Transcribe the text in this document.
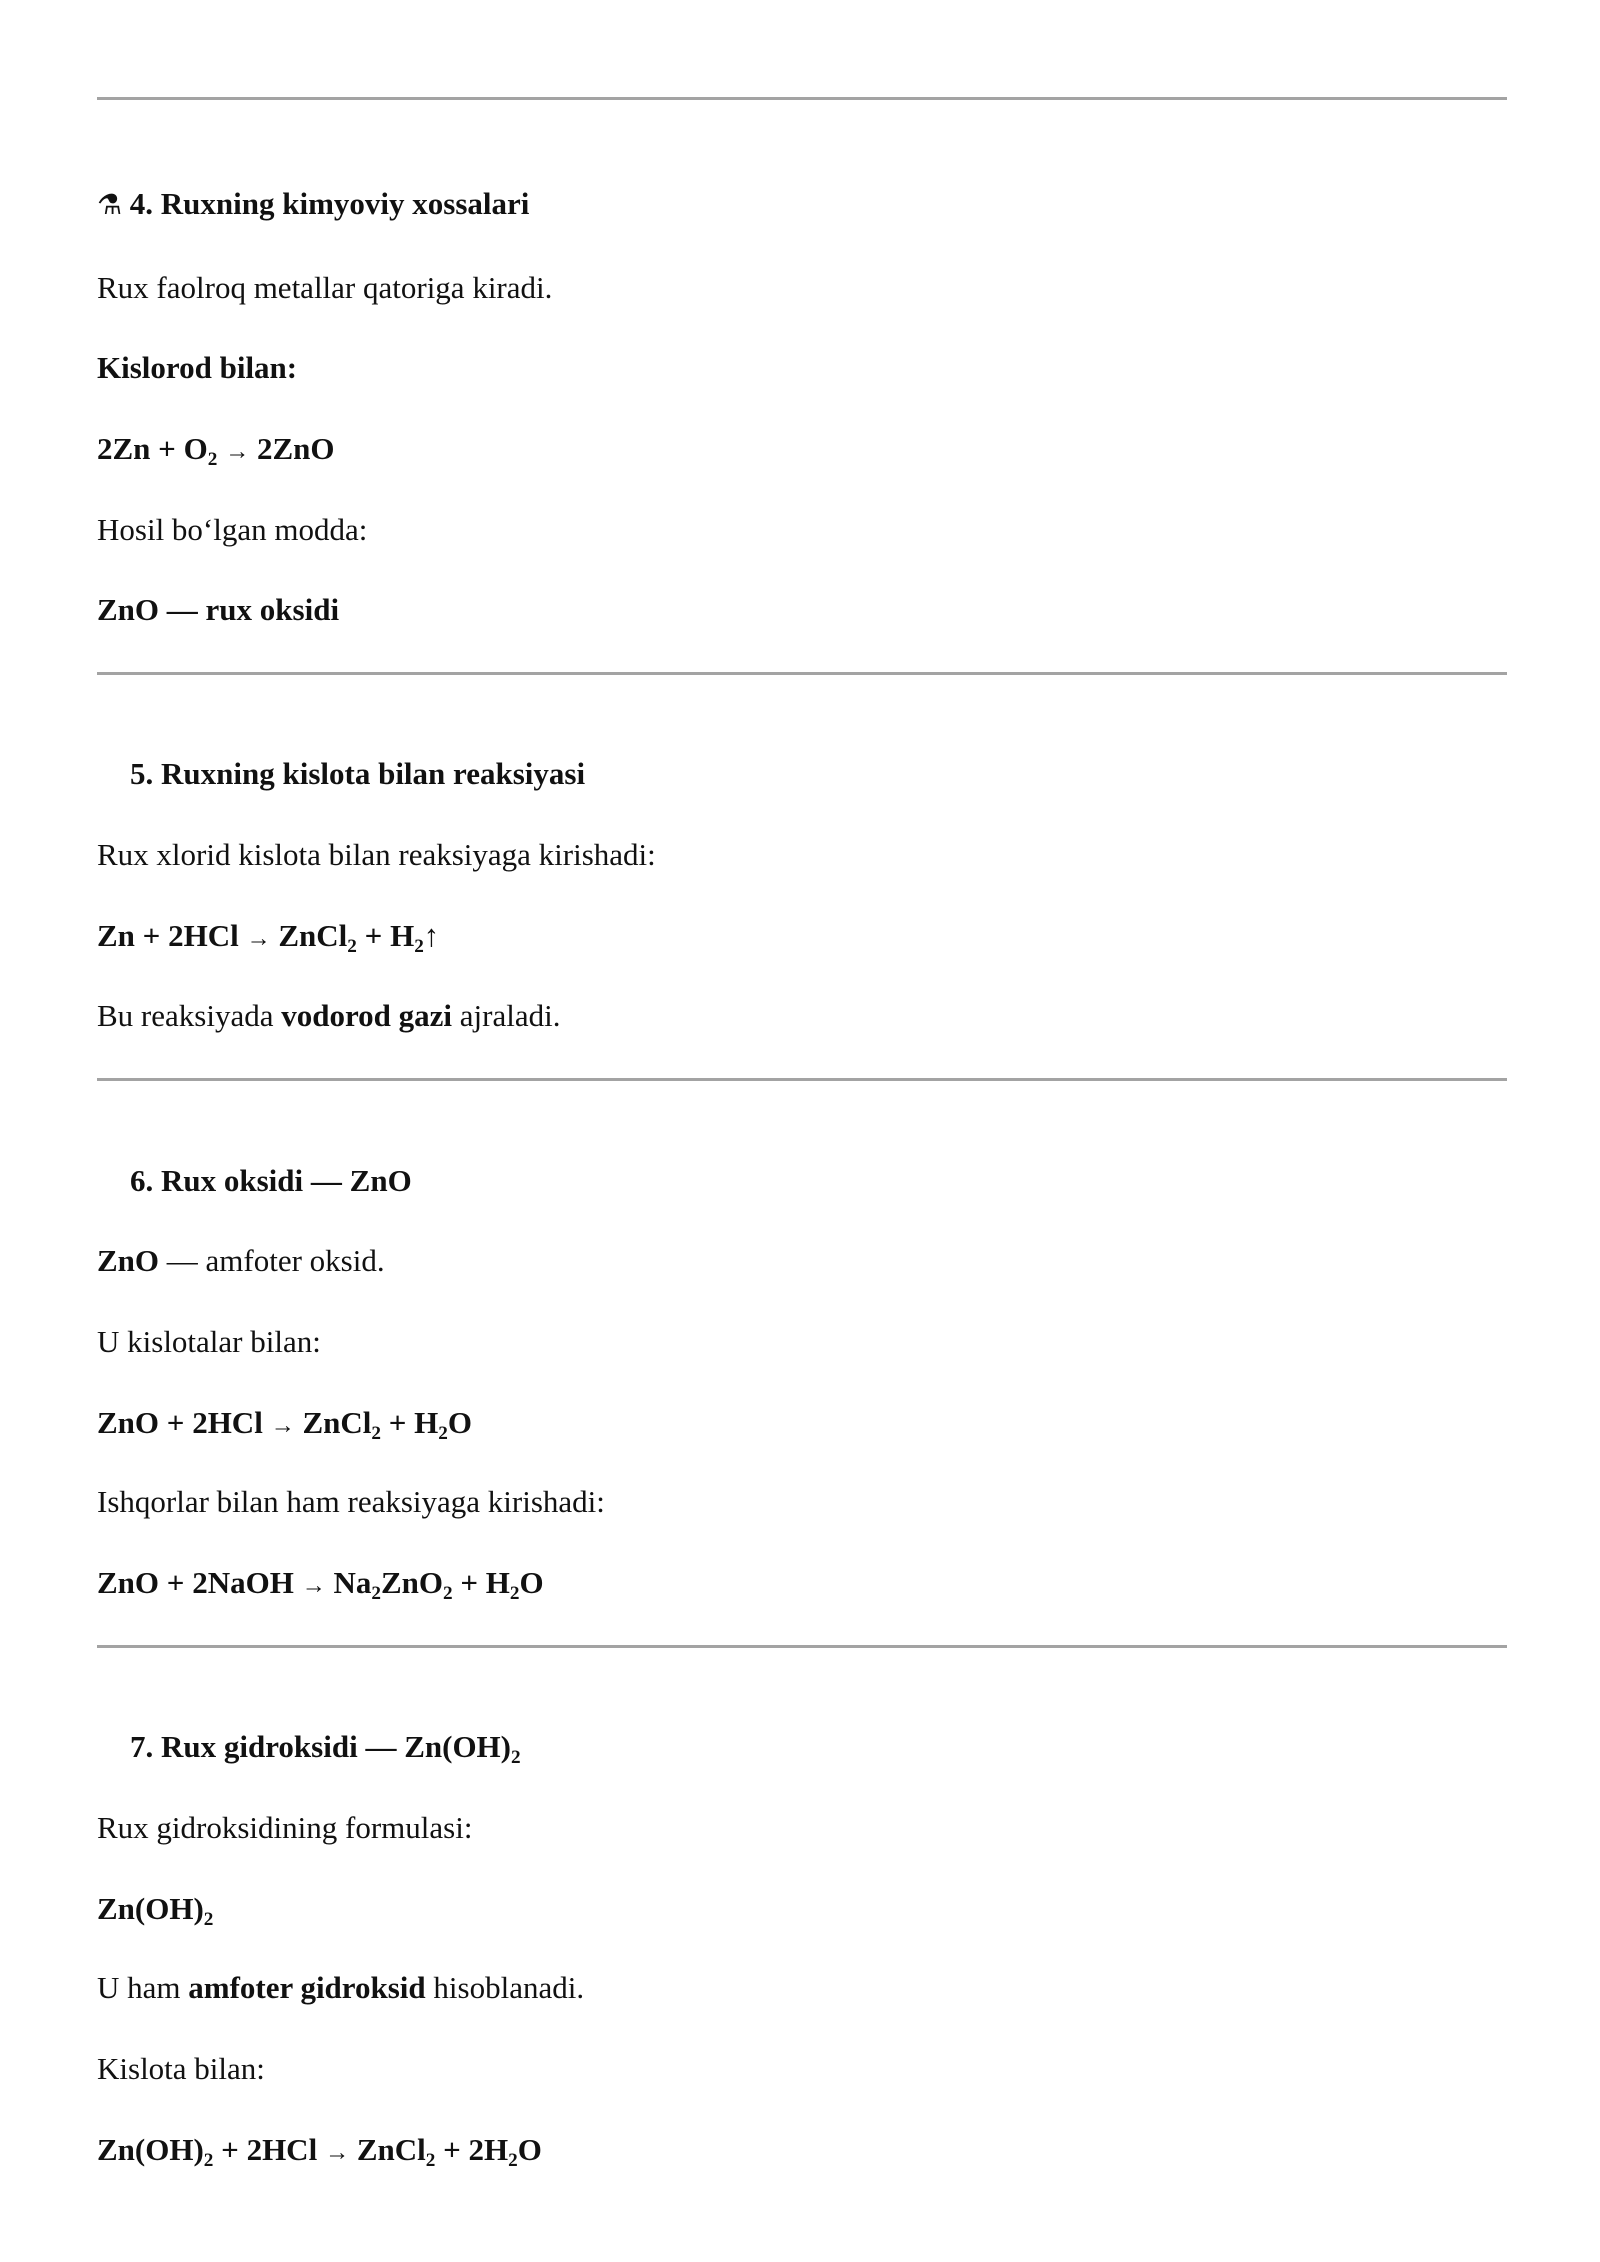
⚗ 4. Ruxning kimyoviy xossalari
Rux faolroq metallar qatoriga kiradi.
Kislorod bilan:
$2Zn + O_2 \to 2ZnO$
Hosil bo‘lgan modda:
ZnO — rux oksidi
5. Ruxning kislota bilan reaksiyasi
Rux xlorid kislota bilan reaksiyaga kirishadi:
Zn + 2HCl → ZnCl$_2$ + $H_2↑$
Bu reaksiyada vodorod gazi ajraladi.
6. Rux oksidi — ZnO
ZnO — amfoter oksid.
U kislotalar bilan:
ZnO + 2HCl → ZnCl$_2$ + $H_2O$
Ishqorlar bilan ham reaksiyaga kirishadi:
ZnO + 2NaOH → $Na_2ZnO_2 + H_2O$
7. Rux gidroksidi — $Zn(OH)_2$
Rux gidroksidining formulasi:
$Zn(OH)_2$
U ham amfoter gidroksid hisoblanadi.
Kislota bilan:
$Zn(OH)_2 + 2HCl$ → ZnCl$_2$ + $2H_2O$
